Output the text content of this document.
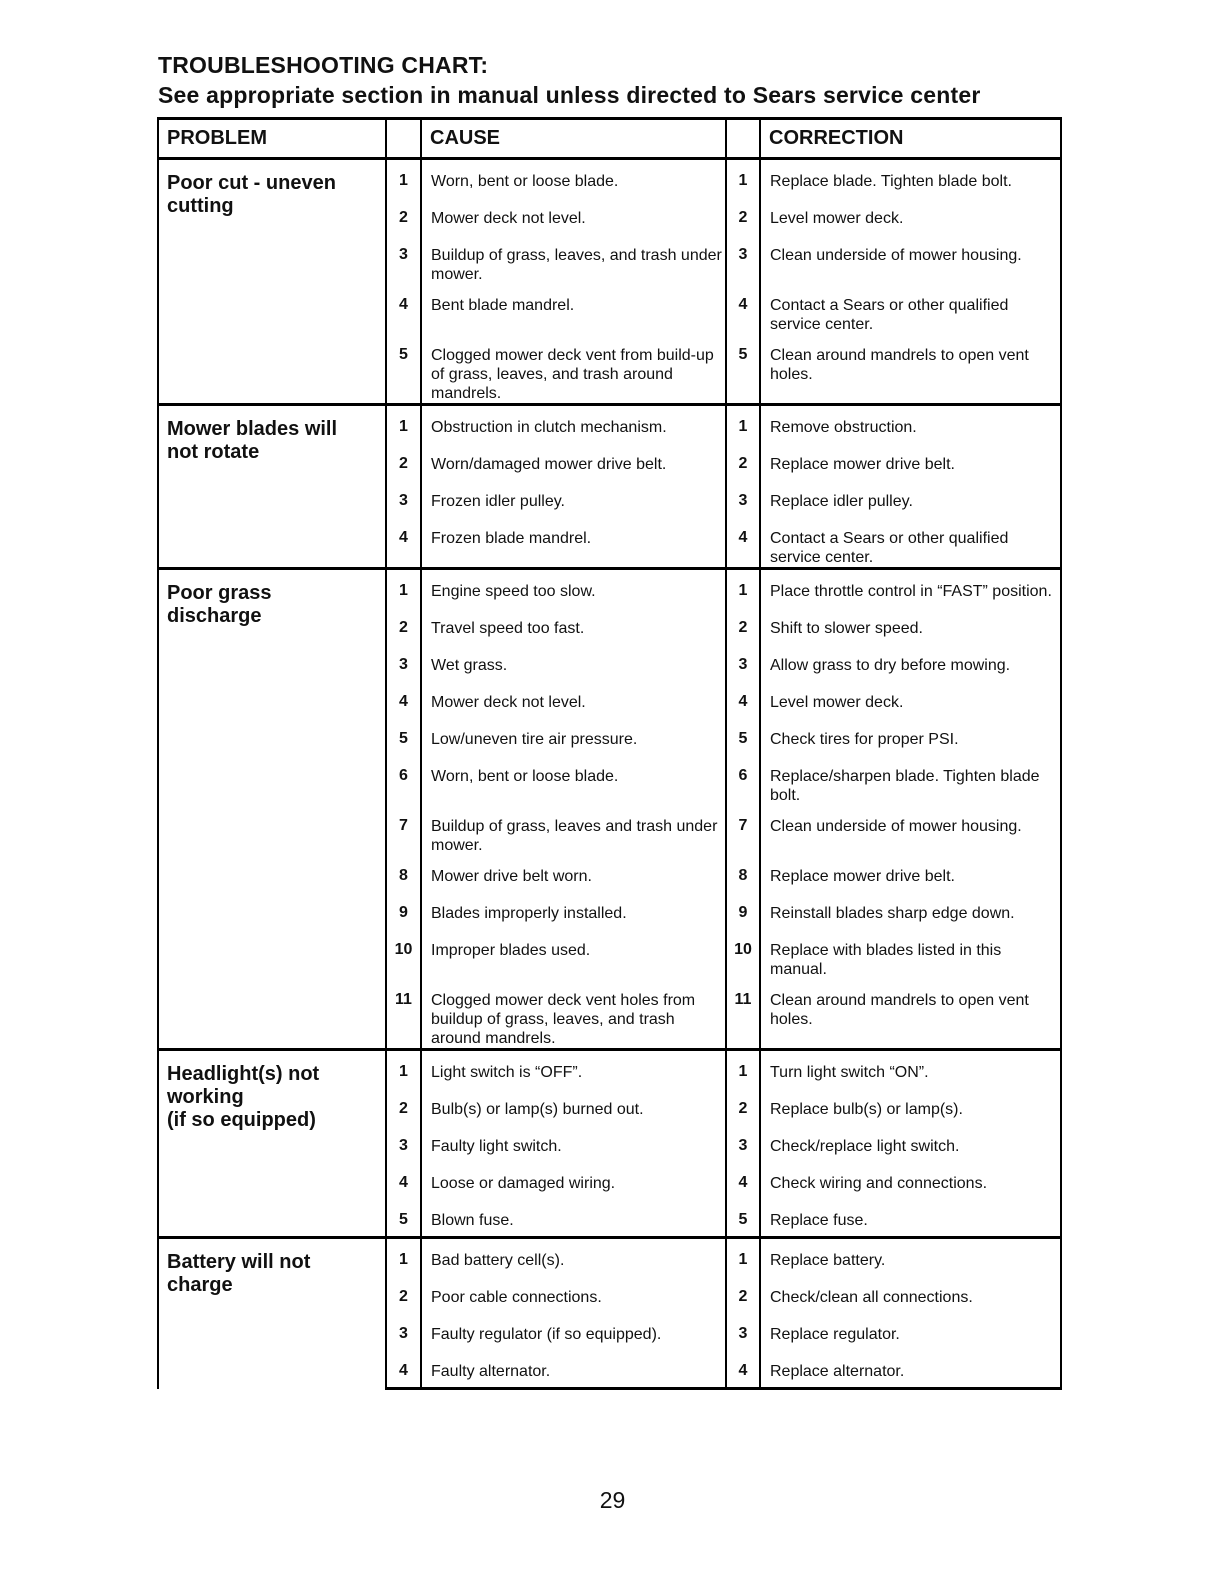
TROUBLESHOOTING CHART:
See appropriate section in manual unless directed to Sears service center
PROBLEM		CAUSE		CORRECTION

Poor cut - uneven
cutting	1	Worn, bent or loose blade.	1	Replace blade. Tighten blade bolt.
	2	Mower deck not level.	2	Level mower deck.
	3	Buildup of grass, leaves, and trash under mower.	3	Clean underside of mower housing.
	4	Bent blade mandrel.	4	Contact a Sears or other qualified service center.
	5	Clogged mower deck vent from build-up of grass, leaves, and trash around mandrels.	5	Clean around mandrels to open vent holes.

Mower blades will
not rotate	1	Obstruction in clutch mechanism.	1	Remove obstruction.
	2	Worn/damaged mower drive belt.	2	Replace mower drive belt.
	3	Frozen idler pulley.	3	Replace idler pulley.
	4	Frozen blade mandrel.	4	Contact a Sears or other qualified service center.

Poor grass
discharge	1	Engine speed too slow.	1	Place throttle control in “FAST” position.
	2	Travel speed too fast.	2	Shift to slower speed.
	3	Wet grass.	3	Allow grass to dry before mowing.
	4	Mower deck not level.	4	Level mower deck.
	5	Low/uneven tire air pressure.	5	Check tires for proper PSI.
	6	Worn, bent or loose blade.	6	Replace/sharpen blade. Tighten blade bolt.
	7	Buildup of grass, leaves and trash under mower.	7	Clean underside of mower housing.
	8	Mower drive belt worn.	8	Replace mower drive belt.
	9	Blades improperly installed.	9	Reinstall blades sharp edge down.
	10	Improper blades used.	10	Replace with blades listed in this manual.
	11	Clogged mower deck vent holes from buildup of grass, leaves, and trash around mandrels.	11	Clean around mandrels to open vent holes.

Headlight(s) not
working
(if so equipped)	1	Light switch is “OFF”.	1	Turn light switch “ON”.
	2	Bulb(s) or lamp(s) burned out.	2	Replace bulb(s) or lamp(s).
	3	Faulty light switch.	3	Check/replace light switch.
	4	Loose or damaged wiring.	4	Check wiring and connections.
	5	Blown fuse.	5	Replace fuse.

Battery will not
charge	1	Bad battery cell(s).	1	Replace battery.
	2	Poor cable connections.	2	Check/clean all connections.
	3	Faulty regulator (if so equipped).	3	Replace regulator.
	4	Faulty alternator.	4	Replace alternator.
29
